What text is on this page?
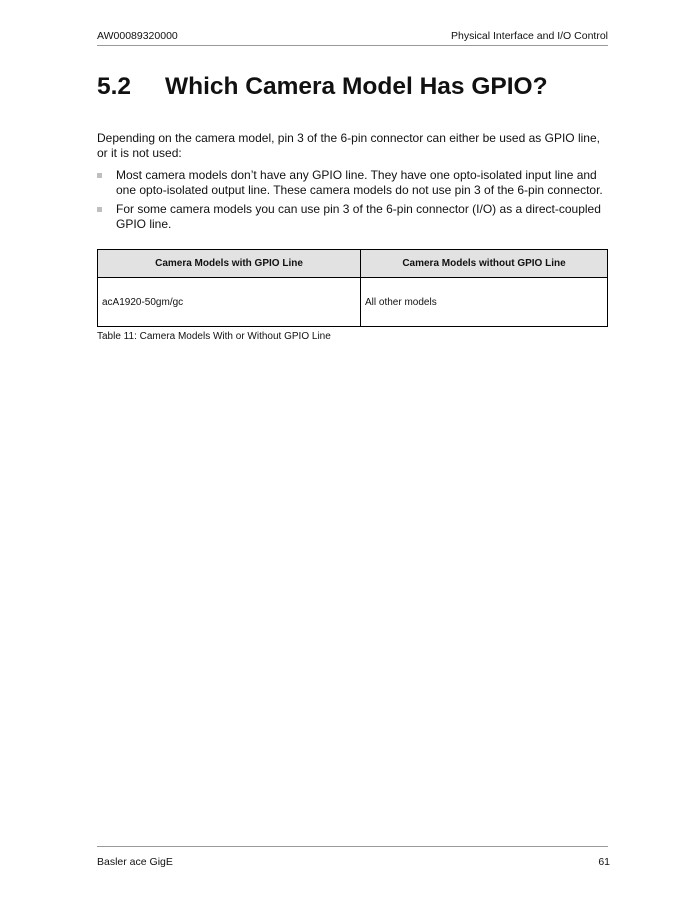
AW00089320000	Physical Interface and I/O Control
5.2 Which Camera Model Has GPIO?
Depending on the camera model, pin 3 of the 6-pin connector can either be used as GPIO line, or it is not used:
Most camera models don’t have any GPIO line. They have one opto-isolated input line and one opto-isolated output line. These camera models do not use pin 3 of the 6-pin connector.
For some camera models you can use pin 3 of the 6-pin connector (I/O) as a direct-coupled GPIO line.
Camera Models with GPIO Line	Camera Models without GPIO Line
acA1920-50gm/gc	All other models
Table 11: Camera Models With or Without GPIO Line
Basler ace GigE	61
